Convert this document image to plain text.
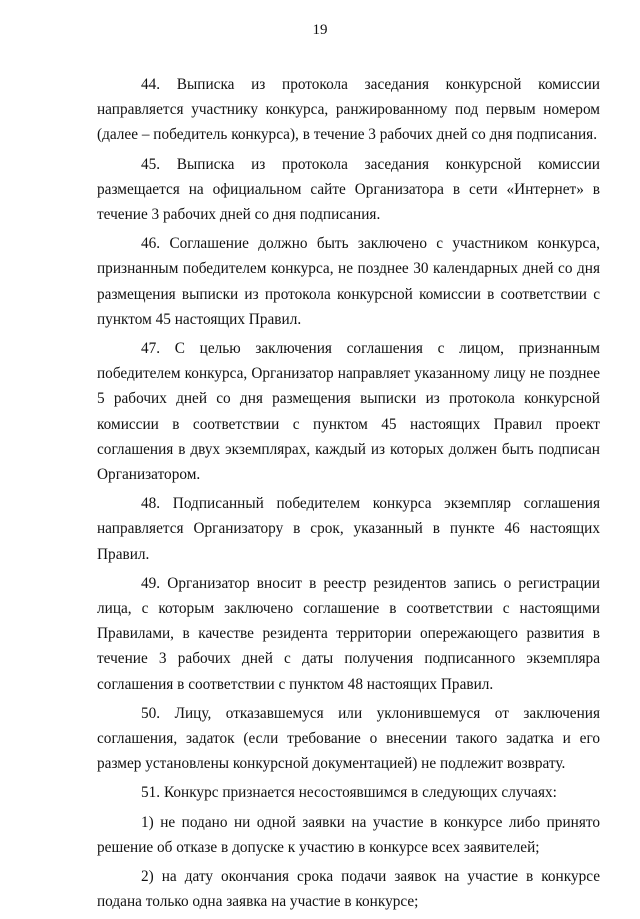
19

44. Выписка из протокола заседания конкурсной комиссии направляется участнику конкурса, ранжированному под первым номером (далее – победитель конкурса), в течение 3 рабочих дней со дня подписания.

45. Выписка из протокола заседания конкурсной комиссии размещается на официальном сайте Организатора в сети «Интернет» в течение 3 рабочих дней со дня подписания.

46. Соглашение должно быть заключено с участником конкурса, признанным победителем конкурса, не позднее 30 календарных дней со дня размещения выписки из протокола конкурсной комиссии в соответствии с пунктом 45 настоящих Правил.

47. С целью заключения соглашения с лицом, признанным победителем конкурса, Организатор направляет указанному лицу не позднее 5 рабочих дней со дня размещения выписки из протокола конкурсной комиссии в соответствии с пунктом 45 настоящих Правил проект соглашения в двух экземплярах, каждый из которых должен быть подписан Организатором.

48. Подписанный победителем конкурса экземпляр соглашения направляется Организатору в срок, указанный в пункте 46 настоящих Правил.

49. Организатор вносит в реестр резидентов запись о регистрации лица, с которым заключено соглашение в соответствии с настоящими Правилами, в качестве резидента территории опережающего развития в течение 3 рабочих дней с даты получения подписанного экземпляра соглашения в соответствии с пунктом 48 настоящих Правил.

50. Лицу, отказавшемуся или уклонившемуся от заключения соглашения, задаток (если требование о внесении такого задатка и его размер установлены конкурсной документацией) не подлежит возврату.

51. Конкурс признается несостоявшимся в следующих случаях:

1) не подано ни одной заявки на участие в конкурсе либо принято решение об отказе в допуске к участию в конкурсе всех заявителей;

2) на дату окончания срока подачи заявок на участие в конкурсе подана только одна заявка на участие в конкурсе;
